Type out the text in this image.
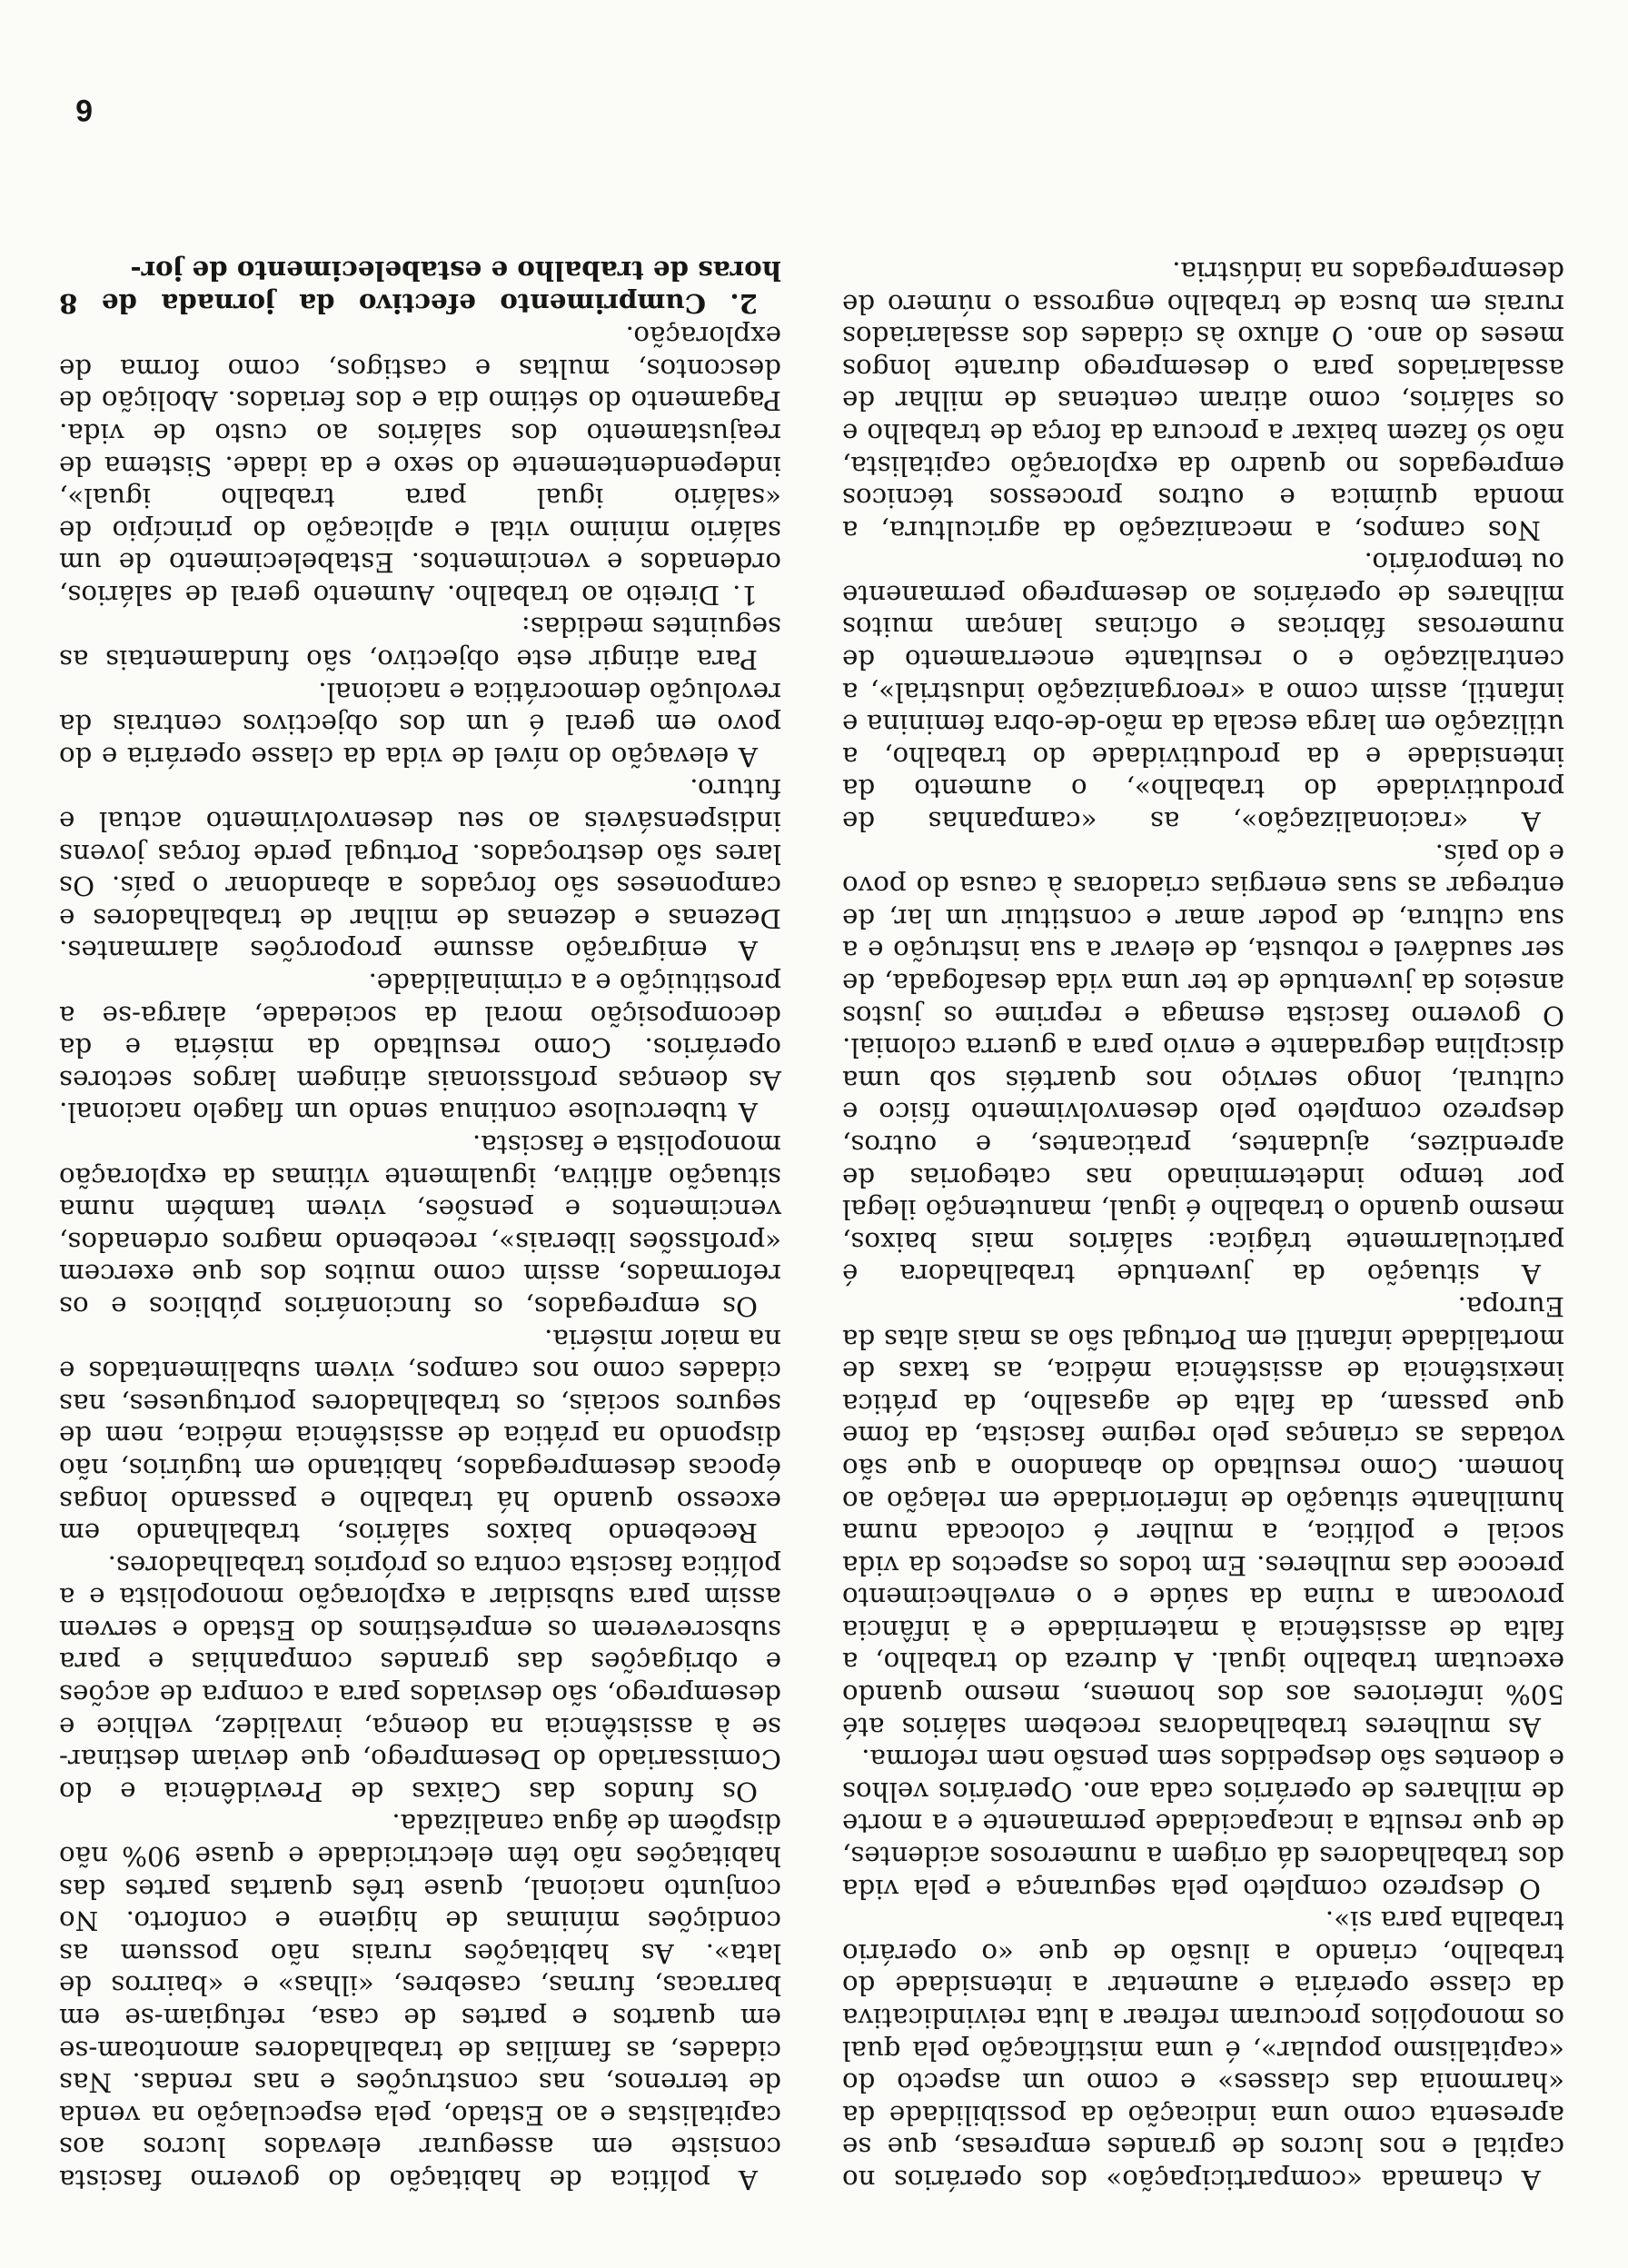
A chamada «comparticipação» dos operários no capital e nos lucros de grandes empresas, que se apresenta como uma indicação da possibilidade da «harmonia das classes» e como um aspecto do «capitalismo popular», é uma mistificação pela qual os monopólios procuram refrear a luta reivindicativa da classe operária e aumentar a intensidade do trabalho, criando a ilusão de que «o operário trabalha para si».

O desprezo completo pela segurança e pela vida dos trabalhadores dá origem a numerosos acidentes, de que resulta a incapacidade permanente e a morte de milhares de operários cada ano. Operários velhos e doentes são despedidos sem pensão nem reforma.

As mulheres trabalhadoras recebem salários até 50% inferiores aos dos homens, mesmo quando executam trabalho igual. A dureza do trabalho, a falta de assistência à maternidade e à infância provocam a ruína da saúde e o envelhecimento precoce das mulheres. Em todos os aspectos da vida social e política, a mulher é colocada numa humilhante situação de inferioridade em relação ao homem. Como resultado do abandono a que são votadas as crianças pelo regime fascista, da fome que passam, da falta de agasalho, da prática inexistência de assistência médica, as taxas de mortalidade infantil em Portugal são as mais altas da Europa.

A situação da juventude trabalhadora é particularmente trágica: salários mais baixos, mesmo quando o trabalho é igual, manutenção ilegal por tempo indeterminado nas categorias de aprendizes, ajudantes, praticantes, e outros, desprezo completo pelo desenvolvimento físico e cultural, longo serviço nos quartéis sob uma disciplina degradante e envio para a guerra colonial. O governo fascista esmaga e reprime os justos anseios da juventude de ter uma vida desafogada, de ser saudável e robusta, de elevar a sua instrução e a sua cultura, de poder amar e constituir um lar, de entregar as suas energias criadoras à causa do povo e do país.

A «racionalização», as «campanhas de produtividade do trabalho», o aumento da intensidade e da produtividade do trabalho, a utilização em larga escala da mão-de-obra feminina e infantil, assim como a «reorganização industrial», a centralização e o resultante encerramento de numerosas fábricas e oficinas lançam muitos milhares de operários ao desemprego permanente ou temporário.

Nos campos, a mecanização da agricultura, a monda química e outros processos técnicos empregados no quadro da exploração capitalista, não só fazem baixar a procura da força de trabalho e os salários, como atiram centenas de milhar de assalariados para o desemprego durante longos meses do ano. O afluxo às cidades dos assalariados rurais em busca de trabalho engrossa o número de desempregados na indústria.

A política de habitação do governo fascista consiste em assegurar elevados lucros aos capitalistas e ao Estado, pela especulação na venda de terrenos, nas construções e nas rendas. Nas cidades, as famílias de trabalhadores amontoam-se em quartos e partes de casa, refugiam-se em barracas, furnas, casebres, «ilhas» e «bairros de lata». As habitações rurais não possuem as condições mínimas de higiene e conforto. No conjunto nacional, quase três quartas partes das habitações não têm electricidade e quase 90% não dispõem de água canalizada.

Os fundos das Caixas de Previdência e do Comissariado do Desemprego, que deviam destinar-se à assistência na doença, invalidez, velhice e desemprego, são desviados para a compra de acções e obrigações das grandes companhias e para subscreverem os empréstimos do Estado e servem assim para subsidiar a exploração monopolista e a política fascista contra os próprios trabalhadores.

Recebendo baixos salários, trabalhando em excesso quando há trabalho e passando longas épocas desempregados, habitando em tugúrios, não dispondo na prática de assistência médica, nem de seguros sociais, os trabalhadores portugueses, nas cidades como nos campos, vivem subalimentados e na maior miséria.

Os empregados, os funcionários públicos e os reformados, assim como muitos dos que exercem «profissões liberais», recebendo magros ordenados, vencimentos e pensões, vivem também numa situação aflitiva, igualmente vítimas da exploração monopolista e fascista.

A tuberculose continua sendo um flagelo nacional. As doenças profissionais atingem largos sectores operários. Como resultado da miséria e da decomposição moral da sociedade, alarga-se a prostituição e a criminalidade.

A emigração assume proporções alarmantes. Dezenas e dezenas de milhar de trabalhadores e camponeses são forçados a abandonar o país. Os lares são destroçados. Portugal perde forças jovens indispensáveis ao seu desenvolvimento actual e futuro.

A elevação do nível de vida da classe operária e do povo em geral é um dos objectivos centrais da revolução democrática e nacional.

Para atingir este objectivo, são fundamentais as seguintes medidas:

1. Direito ao trabalho. Aumento geral de salários, ordenados e vencimentos. Estabelecimento de um salário mínimo vital e aplicação do princípio de «salário igual para trabalho igual», independentemente do sexo e da idade. Sistema de reajustamento dos salários ao custo de vida. Pagamento do sétimo dia e dos feriados. Abolição de descontos, multas e castigos, como forma de exploração.

2. Cumprimento efectivo da jornada de 8 horas de trabalho e estabelecimento de jor-

6
